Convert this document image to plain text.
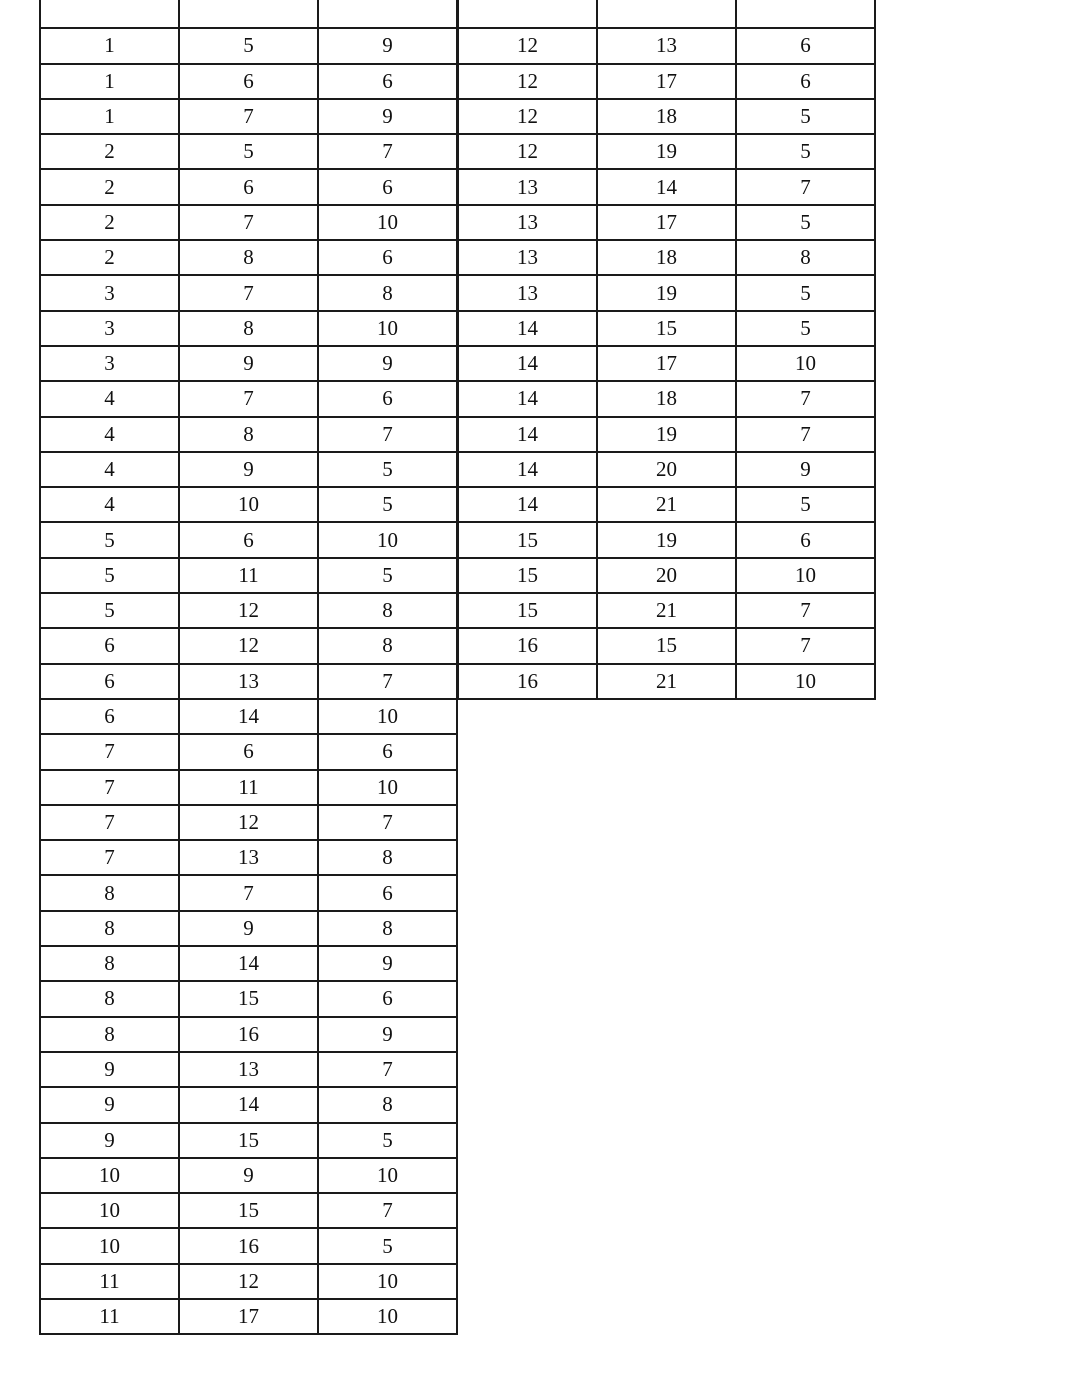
1	5	9
1	6	6
1	7	9
2	5	7
2	6	6
2	7	10
2	8	6
3	7	8
3	8	10
3	9	9
4	7	6
4	8	7
4	9	5
4	10	5
5	6	10
5	11	5
5	12	8
6	12	8
6	13	7
6	14	10
7	6	6
7	11	10
7	12	7
7	13	8
8	7	6
8	9	8
8	14	9
8	15	6
8	16	9
9	13	7
9	14	8
9	15	5
10	9	10
10	15	7
10	16	5
11	12	10
11	17	10

12	13	6
12	17	6
12	18	5
12	19	5
13	14	7
13	17	5
13	18	8
13	19	5
14	15	5
14	17	10
14	18	7
14	19	7
14	20	9
14	21	5
15	19	6
15	20	10
15	21	7
16	15	7
16	21	10
